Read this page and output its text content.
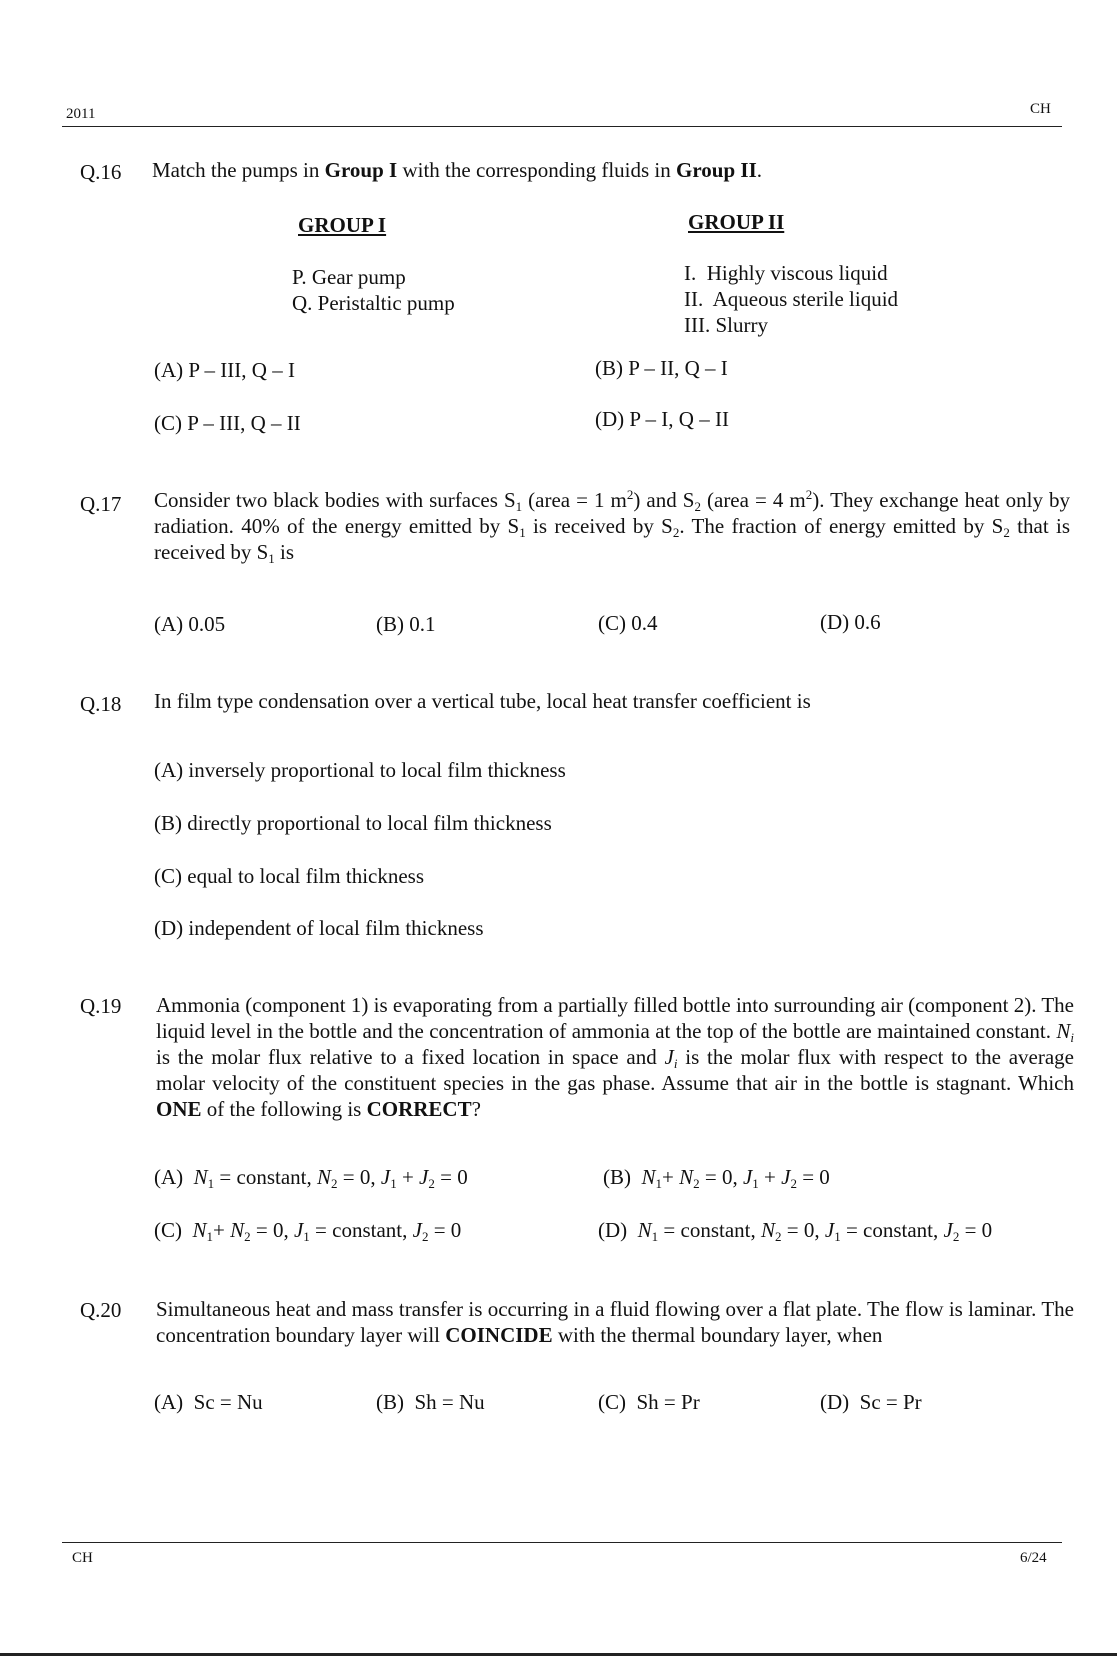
2011	CH
Q.16 Match the pumps in Group I with the corresponding fluids in Group II.
GROUP I	GROUP II
P. Gear pump
Q. Peristaltic pump
I.  Highly viscous liquid
II.  Aqueous sterile liquid
III. Slurry
(A) P – III, Q – I	(B) P – II, Q – I
(C) P – III, Q – II	(D) P – I, Q – II
Q.17 Consider two black bodies with surfaces $S_1$ (area = 1 $m^2$) and $S_2$ (area = 4 $m^2$). They exchange heat only by radiation. 40% of the energy emitted by $S_1$ is received by $S_2$. The fraction of energy emitted by $S_2$ that is received by $S_1$ is
(A) 0.05	(B) 0.1	(C) 0.4	(D) 0.6
Q.18 In film type condensation over a vertical tube, local heat transfer coefficient is
(A) inversely proportional to local film thickness
(B) directly proportional to local film thickness
(C) equal to local film thickness
(D) independent of local film thickness
Q.19 Ammonia (component 1) is evaporating from a partially filled bottle into surrounding air (component 2). The liquid level in the bottle and the concentration of ammonia at the top of the bottle are maintained constant. $N_i$ is the molar flux relative to a fixed location in space and $J_i$ is the molar flux with respect to the average molar velocity of the constituent species in the gas phase. Assume that air in the bottle is stagnant. Which ONE of the following is CORRECT?
(A) $N_1$ = constant, $N_2 = 0$, $J_1 + J_2 = 0$	(B) $N_1+ N_2 = 0$, $J_1 + J_2 = 0$
(C) $N_1+ N_2 = 0$, $J_1$ = constant, $J_2 = 0$	(D) $N_1$ = constant, $N_2 = 0$, $J_1$ = constant, $J_2 = 0$
Q.20 Simultaneous heat and mass transfer is occurring in a fluid flowing over a flat plate. The flow is laminar. The concentration boundary layer will COINCIDE with the thermal boundary layer, when
(A)  Sc = Nu	(B)  Sh = Nu	(C)  Sh = Pr	(D)  Sc = Pr
CH	6/24
